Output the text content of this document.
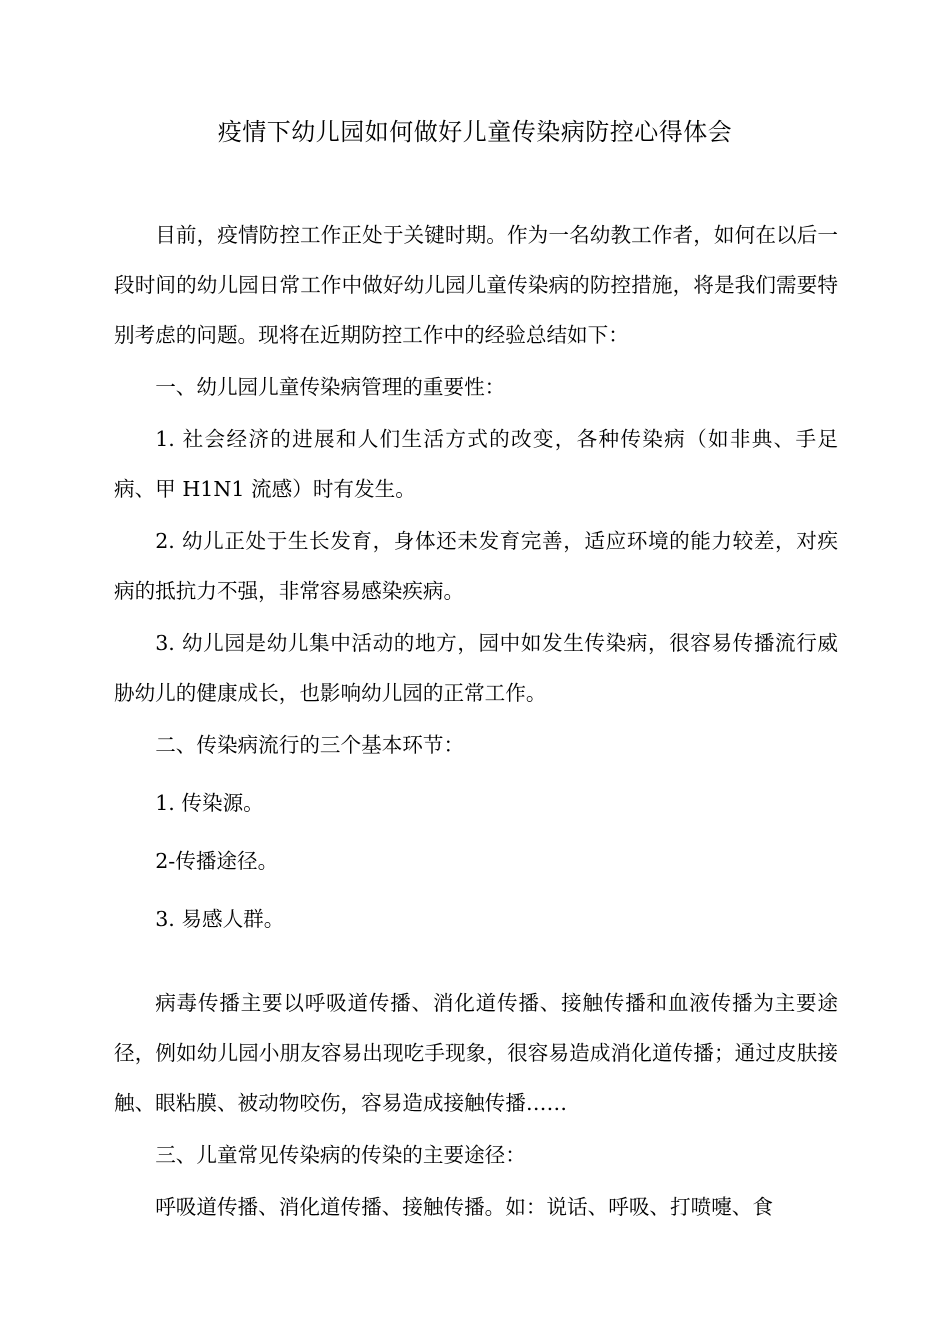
疫情下幼儿园如何做好儿童传染病防控心得体会

目前，疫情防控工作正处于关键时期。作为一名幼教工作者，如何在以后一段时间的幼儿园日常工作中做好幼儿园儿童传染病的防控措施，将是我们需要特别考虑的问题。现将在近期防控工作中的经验总结如下：

一、幼儿园儿童传染病管理的重要性：

1. 社会经济的进展和人们生活方式的改变，各种传染病（如非典、手足病、甲 H1N1 流感）时有发生。

2. 幼儿正处于生长发育，身体还未发育完善，适应环境的能力较差，对疾病的抵抗力不强，非常容易感染疾病。

3. 幼儿园是幼儿集中活动的地方，园中如发生传染病，很容易传播流行威胁幼儿的健康成长，也影响幼儿园的正常工作。

二、传染病流行的三个基本环节：

1. 传染源。

2-传播途径。

3. 易感人群。

病毒传播主要以呼吸道传播、消化道传播、接触传播和血液传播为主要途径，例如幼儿园小朋友容易出现吃手现象，很容易造成消化道传播；通过皮肤接触、眼粘膜、被动物咬伤，容易造成接触传播……

三、儿童常见传染病的传染的主要途径：

呼吸道传播、消化道传播、接触传播。如：说话、呼吸、打喷嚏、食
